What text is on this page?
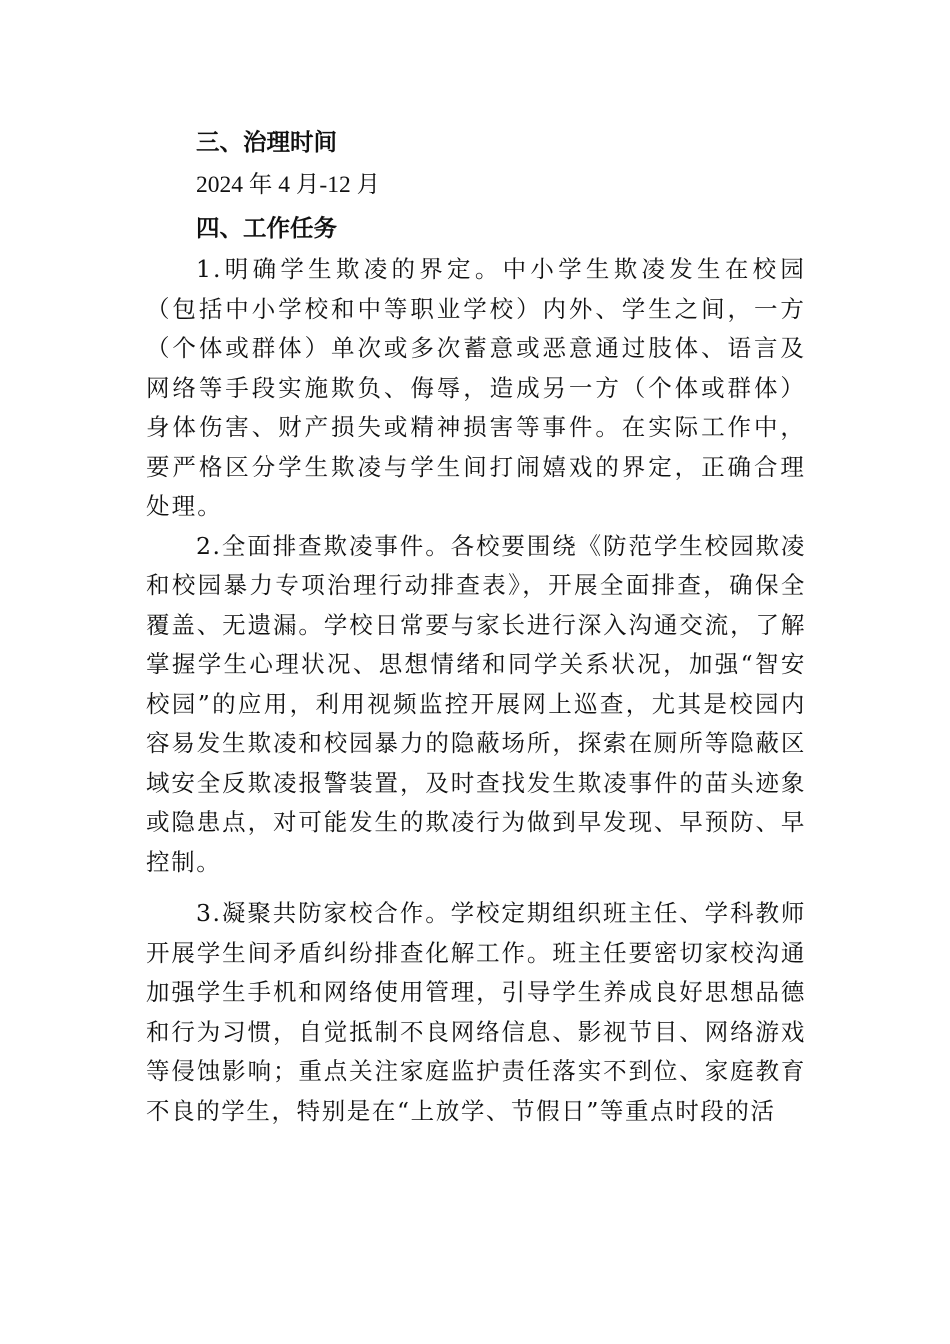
三、治理时间

2024 年 4 月-12 月

四、工作任务

1.明确学生欺凌的界定。中小学生欺凌发生在校园（包括中小学校和中等职业学校）内外、学生之间，一方（个体或群体）单次或多次蓄意或恶意通过肢体、语言及网络等手段实施欺负、侮辱，造成另一方（个体或群体）身体伤害、财产损失或精神损害等事件。在实际工作中，要严格区分学生欺凌与学生间打闹嬉戏的界定，正确合理处理。

2.全面排查欺凌事件。各校要围绕《防范学生校园欺凌和校园暴力专项治理行动排查表》，开展全面排查，确保全覆盖、无遗漏。学校日常要与家长进行深入沟通交流，了解掌握学生心理状况、思想情绪和同学关系状况，加强“智安校园”的应用，利用视频监控开展网上巡查，尤其是校园内容易发生欺凌和校园暴力的隐蔽场所，探索在厕所等隐蔽区域安全反欺凌报警装置，及时查找发生欺凌事件的苗头迹象或隐患点，对可能发生的欺凌行为做到早发现、早预防、早控制。

3.凝聚共防家校合作。学校定期组织班主任、学科教师开展学生间矛盾纠纷排查化解工作。班主任要密切家校沟通加强学生手机和网络使用管理，引导学生养成良好思想品德和行为习惯，自觉抵制不良网络信息、影视节目、网络游戏等侵蚀影响；重点关注家庭监护责任落实不到位、家庭教育不良的学生，特别是在“上放学、节假日”等重点时段的活
